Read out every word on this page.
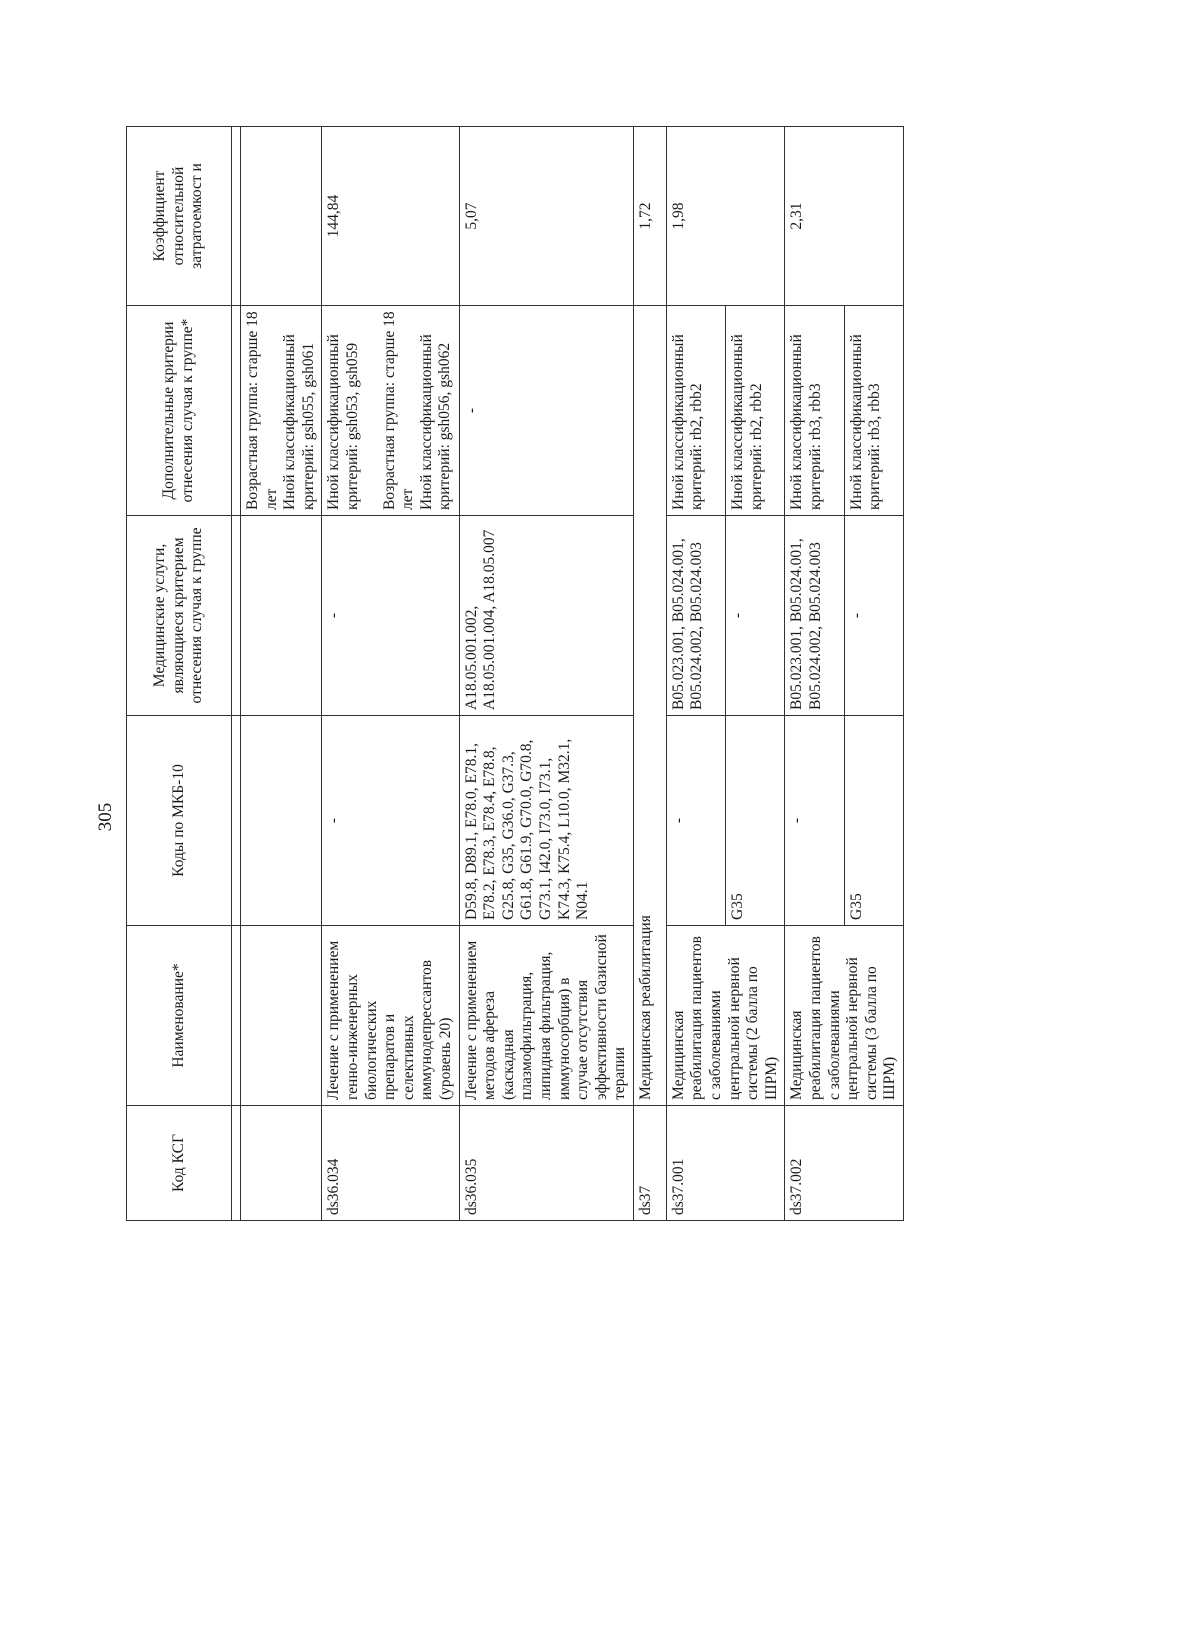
305
Код КСГ	Наименование*	Коды по МКБ-10	Медицинские услуги, являющиеся критерием отнесения случая к группе	Дополнительные критерии отнесения случая к группе*	Коэффициент относительной затратоемкост и

				Возрастная группа: старше 18 лет
Иной классификационный критерий: gsh055, gsh061	
ds36.034	Лечение с применением генно-инженерных биологических препаратов и селективных иммунодепрессантов (уровень 20)	-	-	Иной классификационный критерий: gsh053, gsh059 Возрастная группа: старше 18 лет
Иной классификационный критерий: gsh056, gsh062	144,84
ds36.035	Лечение с применением методов афереза (каскадная плазмофильтрация, липидная фильтрация, иммуносорбция) в случае отсутствия эффективности базисной терапии	D59.8, D89.1, E78.0, E78.1, E78.2, E78.3, E78.4, E78.8, G25.8, G35, G36.0, G37.3, G61.8, G61.9, G70.0, G70.8, G73.1, I42.0, I73.0, I73.1, K74.3, K75.4, L10.0, M32.1, N04.1	A18.05.001.002, A18.05.001.004, A18.05.007	-	5,07
ds37	Медицинская реабилитация				1,72
ds37.001	Медицинская реабилитация пациентов с заболеваниями центральной нервной системы (2 балла по ШРМ)	-	B05.023.001, B05.024.001, B05.024.002, B05.024.003	Иной классификационный критерий: rb2, rbb2	1,98
		G35	-	Иной классификационный критерий: rb2, rbb2	
ds37.002	Медицинская реабилитация пациентов с заболеваниями центральной нервной системы (3 балла по ШРМ)	-	B05.023.001, B05.024.001, B05.024.002, B05.024.003	Иной классификационный критерий: rb3, rbb3	2,31
		G35	-	Иной классификационный критерий: rb3, rbb3	
